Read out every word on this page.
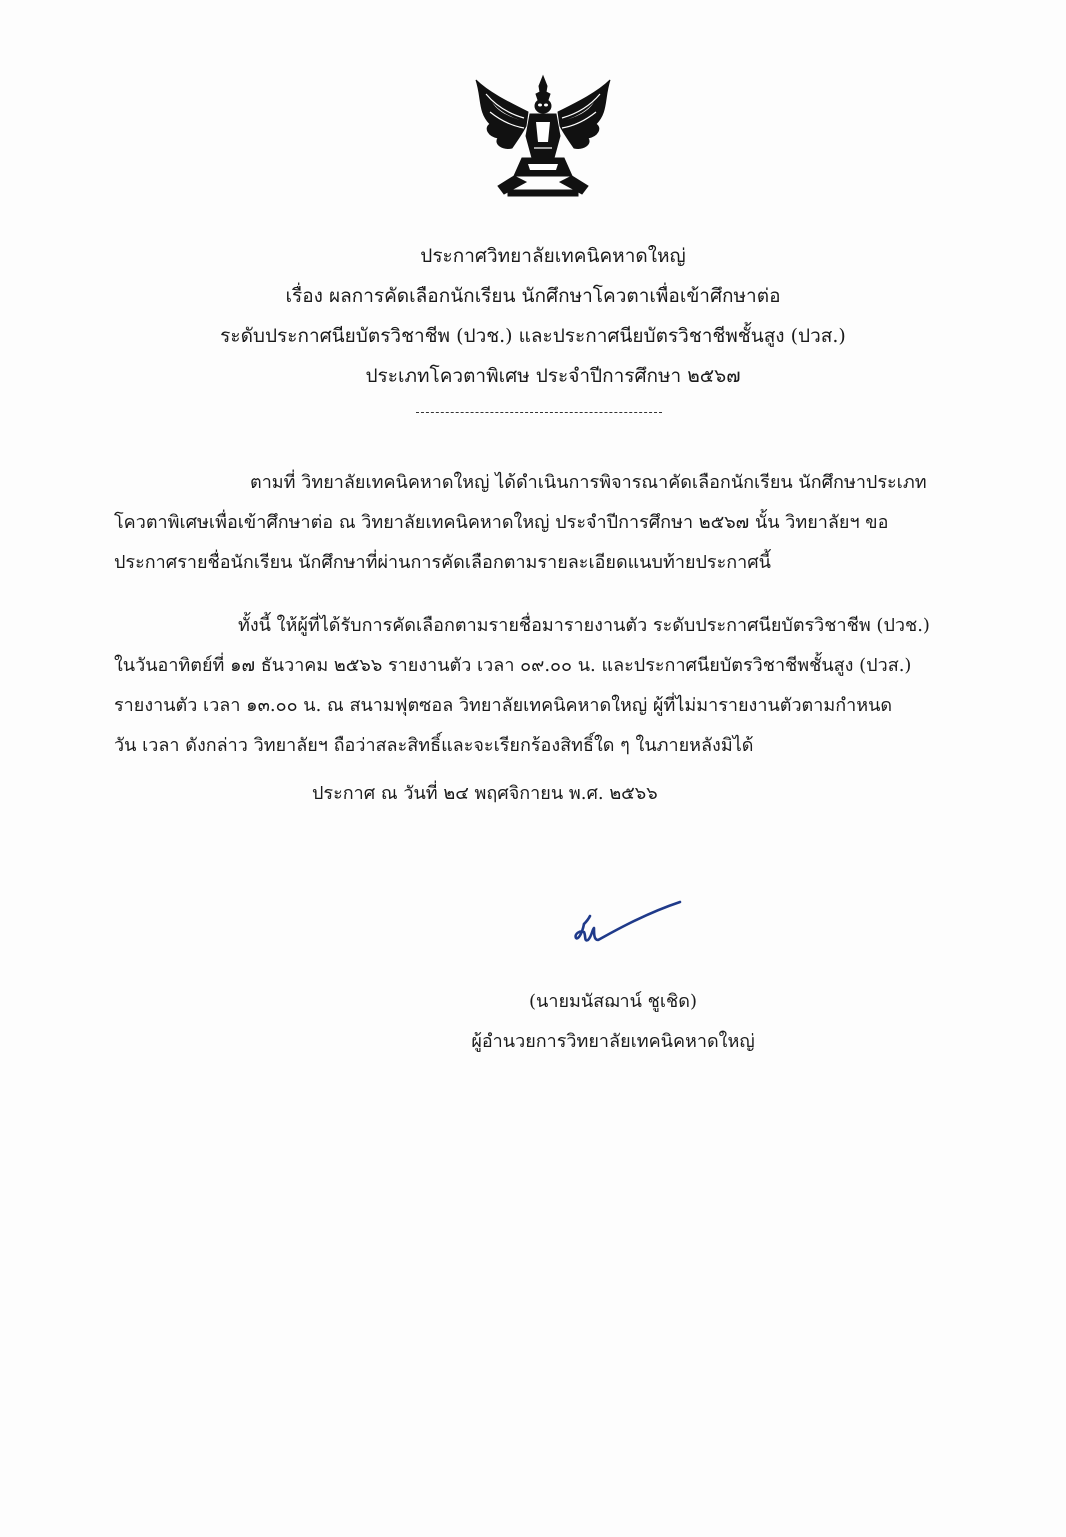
ประกาศวิทยาลัยเทคนิคหาดใหญ่
เรื่อง ผลการคัดเลือกนักเรียน นักศึกษาโควตาเพื่อเข้าศึกษาต่อ
ระดับประกาศนียบัตรวิชาชีพ (ปวช.) และประกาศนียบัตรวิชาชีพชั้นสูง (ปวส.)
ประเภทโควตาพิเศษ ประจำปีการศึกษา ๒๕๖๗
ตามที่ วิทยาลัยเทคนิคหาดใหญ่ ได้ดำเนินการพิจารณาคัดเลือกนักเรียน นักศึกษาประเภท
โควตาพิเศษเพื่อเข้าศึกษาต่อ ณ วิทยาลัยเทคนิคหาดใหญ่ ประจำปีการศึกษา ๒๕๖๗ นั้น วิทยาลัยฯ ขอ
ประกาศรายชื่อนักเรียน นักศึกษาที่ผ่านการคัดเลือกตามรายละเอียดแนบท้ายประกาศนี้
ทั้งนี้ ให้ผู้ที่ได้รับการคัดเลือกตามรายชื่อมารายงานตัว ระดับประกาศนียบัตรวิชาชีพ (ปวช.)
ในวันอาทิตย์ที่ ๑๗ ธันวาคม ๒๕๖๖ รายงานตัว เวลา ๐๙.๐๐ น. และประกาศนียบัตรวิชาชีพชั้นสูง (ปวส.)
รายงานตัว เวลา ๑๓.๐๐ น. ณ สนามฟุตซอล วิทยาลัยเทคนิคหาดใหญ่ ผู้ที่ไม่มารายงานตัวตามกำหนด
วัน เวลา ดังกล่าว วิทยาลัยฯ ถือว่าสละสิทธิ์และจะเรียกร้องสิทธิ์ใด ๆ ในภายหลังมิได้
ประกาศ ณ วันที่ ๒๔ พฤศจิกายน พ.ศ. ๒๕๖๖
(นายมนัสฌาน์ ชูเชิด)
ผู้อำนวยการวิทยาลัยเทคนิคหาดใหญ่
